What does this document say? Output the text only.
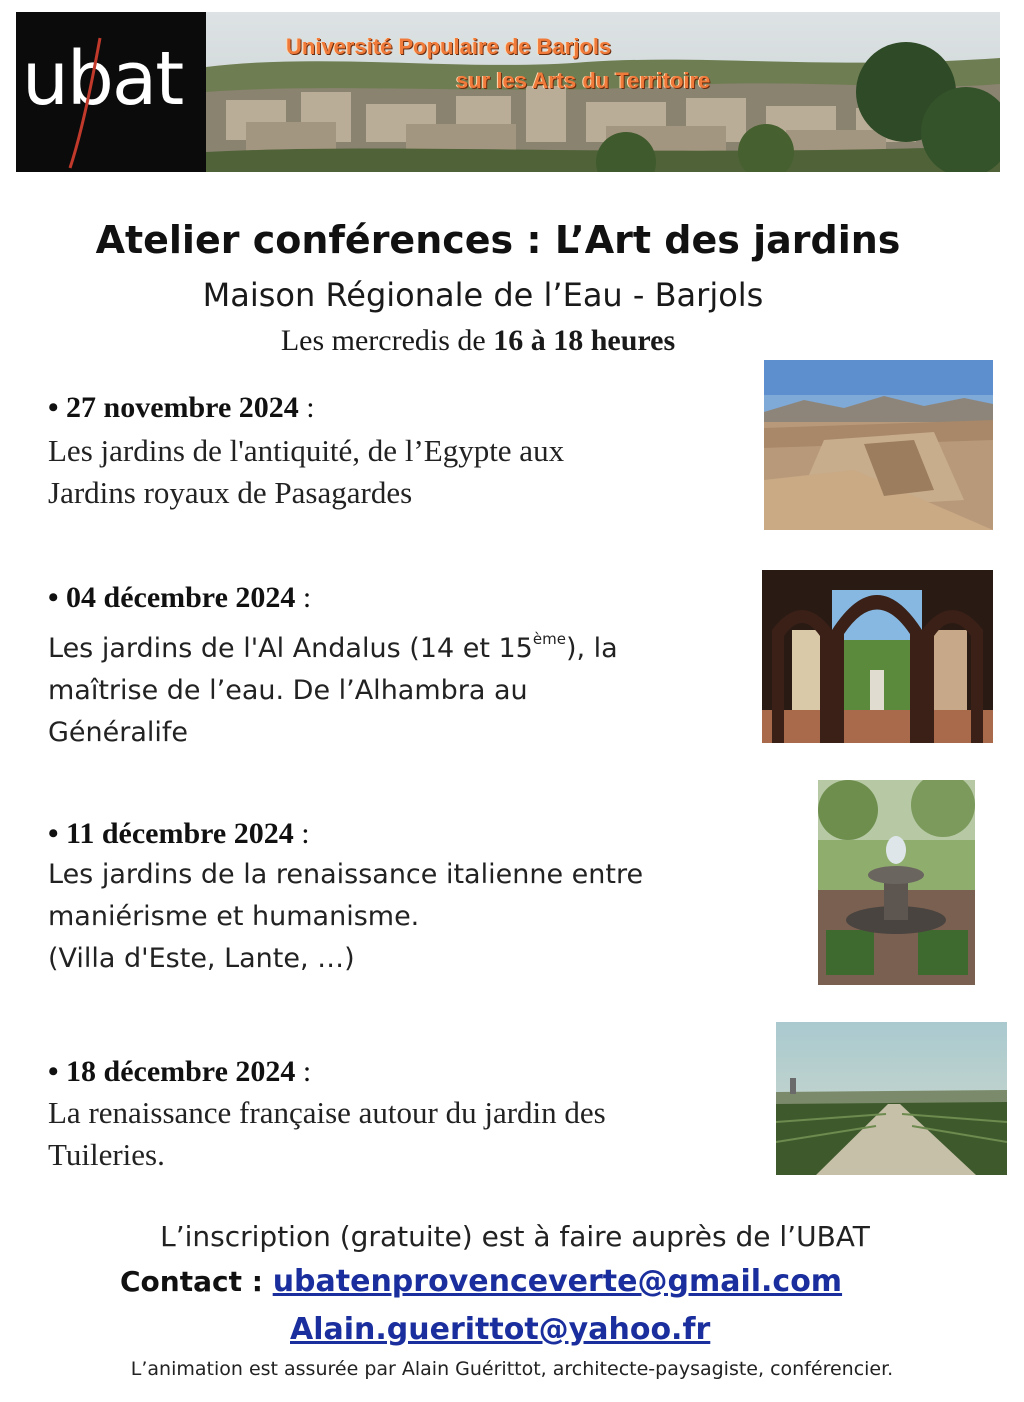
ubat	Université Populaire de Barjols
sur les Arts du Territoire
Atelier conférences : L’Art des jardins
Maison Régionale de l’Eau - Barjols
Les mercredis de 16 à 18 heures
• 27 novembre 2024 :
Les jardins de l'antiquité, de l’Egypte aux
Jardins royaux de Pasagardes
• 04 décembre 2024 :
Les jardins de l'Al Andalus (14 et 15ème), la
maîtrise de l’eau. De l’Alhambra au
Généralife
• 11 décembre 2024 :
Les jardins de la renaissance italienne entre
maniérisme et humanisme.
(Villa d'Este, Lante, …)
• 18 décembre 2024 :
La renaissance française autour du jardin des
Tuileries.
L’inscription (gratuite) est à faire auprès de l’UBAT
Contact : ubatenprovenceverte@gmail.com
Alain.guerittot@yahoo.fr
L’animation est assurée par Alain Guérittot, architecte-paysagiste, conférencier.
